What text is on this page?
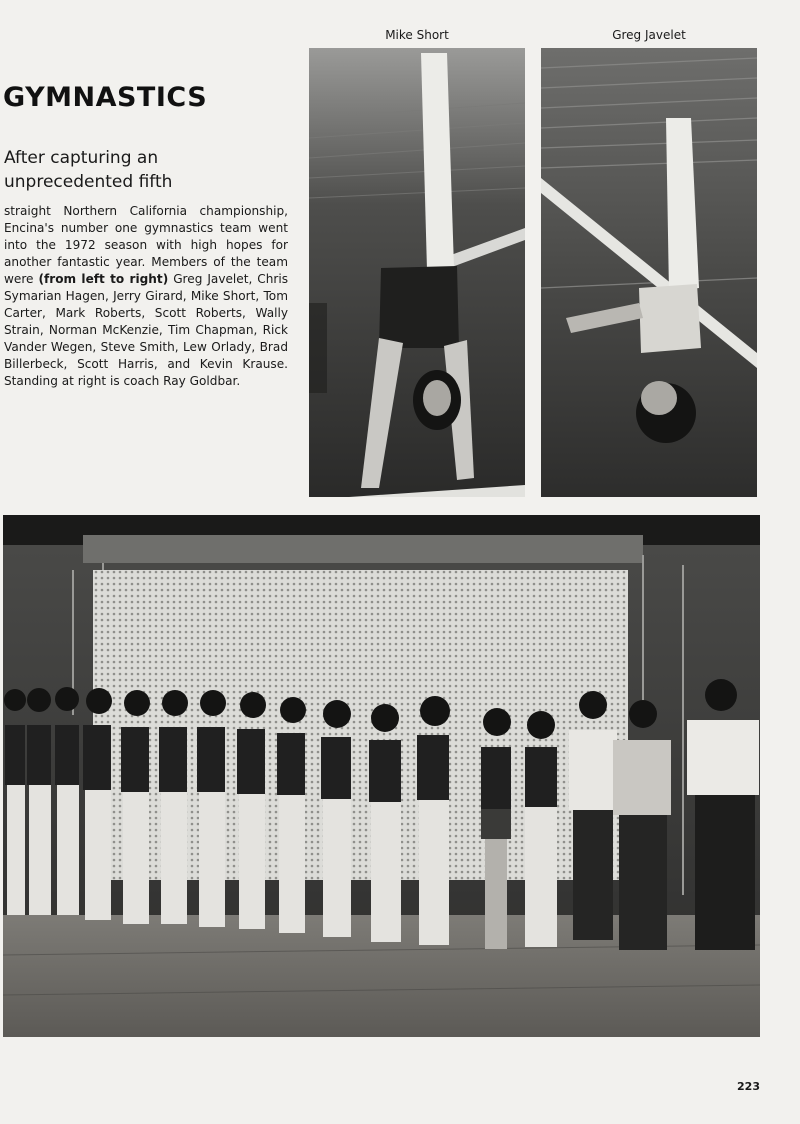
GYMNASTICS
After capturing an unprecedented fifth
straight Northern California championship, Encina's number one gymnastics team went into the 1972 season with high hopes for another fantastic year. Members of the team were (from left to right) Greg Javelet, Chris Symarian Hagen, Jerry Girard, Mike Short, Tom Carter, Mark Roberts, Scott Roberts, Wally Strain, Norman McKenzie, Tim Chapman, Rick Vander Wegen, Steve Smith, Lew Orlady, Brad Billerbeck, Scott Harris, and Kevin Krause. Standing at right is coach Ray Goldbar.
Mike Short	Greg Javelet
223
